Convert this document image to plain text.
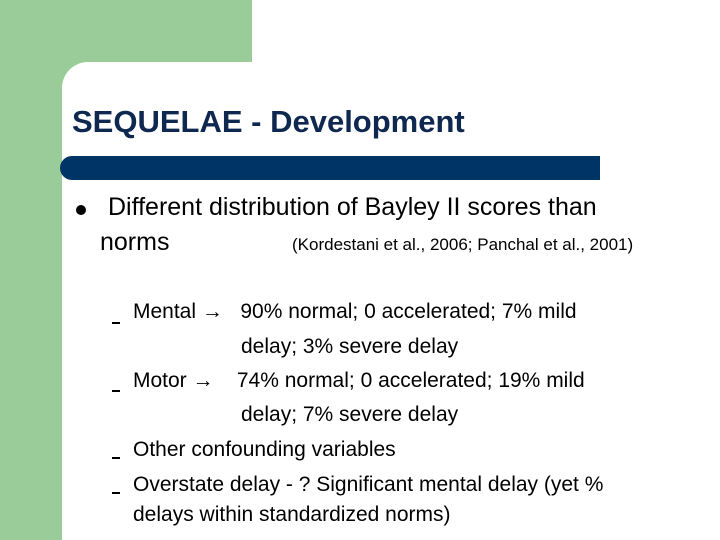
SEQUELAE - Development
Different distribution of Bayley II scores than
norms	(Kordestani et al., 2006; Panchal et al., 2001)
Mental →   90% normal; 0 accelerated; 7% mild
delay; 3% severe delay
Motor →    74% normal; 0 accelerated; 19% mild
delay; 7% severe delay
Other confounding variables
Overstate delay - ? Significant mental delay (yet %
delays within standardized norms)
